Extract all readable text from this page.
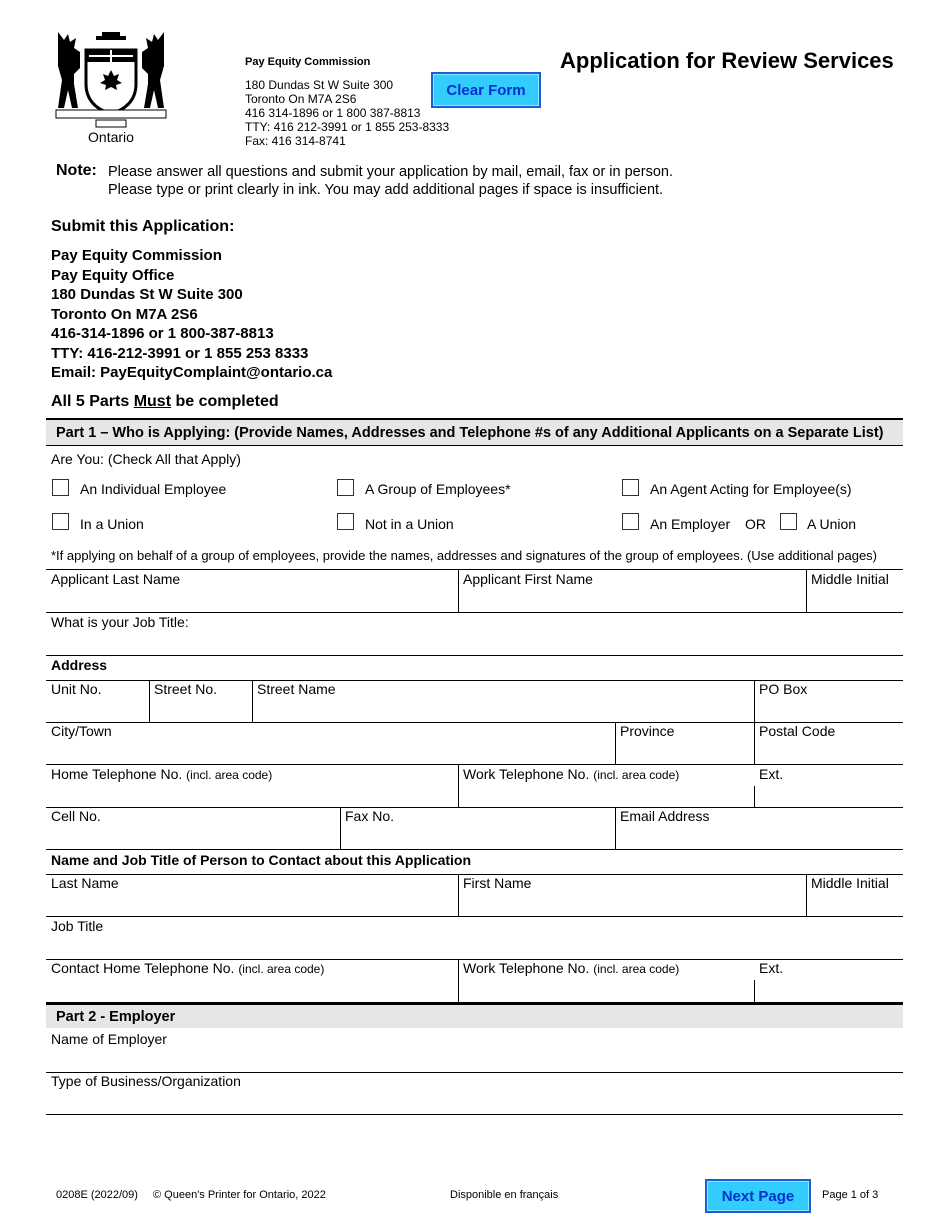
Ontario
Pay Equity Commission
180 Dundas St W Suite 300
Toronto On M7A 2S6
416 314-1896 or 1 800 387-8813
TTY: 416 212-3991 or 1 855 253-8333
Fax: 416 314-8741
Clear Form
Application for Review Services
Note: Please answer all questions and submit your application by mail, email, fax or in person.
Please type or print clearly in ink. You may add additional pages if space is insufficient.
Submit this Application:
Pay Equity Commission
Pay Equity Office
180 Dundas St W Suite 300
Toronto On M7A 2S6
416-314-1896 or 1 800-387-8813
TTY: 416-212-3991 or 1 855 253 8333
Email: PayEquityComplaint@ontario.ca
All 5 Parts Must be completed
Part 1 – Who is Applying: (Provide Names, Addresses and Telephone #s of any Additional Applicants on a Separate List)
Are You: (Check All that Apply)
An Individual Employee	A Group of Employees*	An Agent Acting for Employee(s)
In a Union	Not in a Union	An Employer OR	A Union
*If applying on behalf of a group of employees, provide the names, addresses and signatures of the group of employees. (Use additional pages)
Applicant Last Name	Applicant First Name	Middle Initial
What is your Job Title:
Address
Unit No.	Street No.	Street Name	PO Box
City/Town	Province	Postal Code
Home Telephone No. (incl. area code)	Work Telephone No. (incl. area code)	Ext.
Cell No.	Fax No.	Email Address
Name and Job Title of Person to Contact about this Application
Last Name	First Name	Middle Initial
Job Title
Contact Home Telephone No. (incl. area code)	Work Telephone No. (incl. area code)	Ext.
Part 2 - Employer
Name of Employer
Type of Business/Organization
0208E (2022/09) © Queen's Printer for Ontario, 2022	Disponible en français	Next Page	Page 1 of 3
